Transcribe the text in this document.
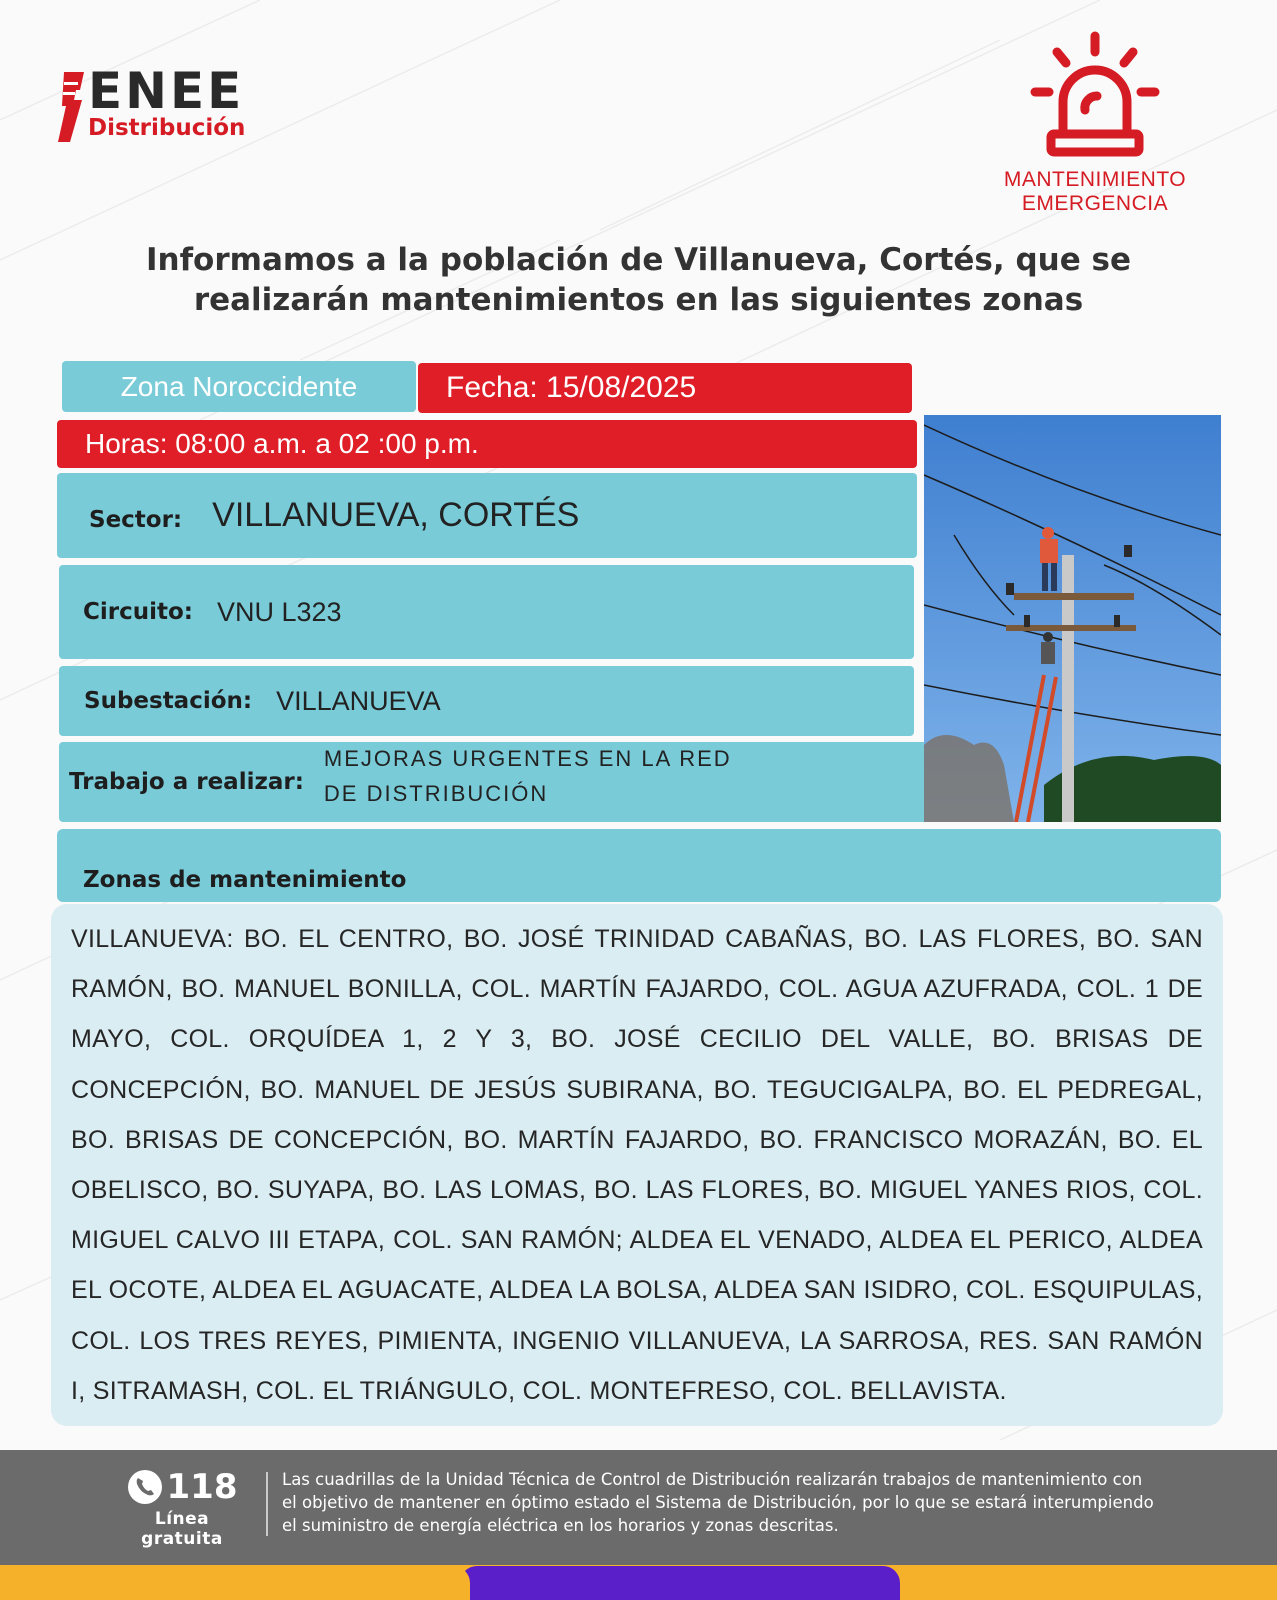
ENEE
Distribución
MANTENIMIENTO
EMERGENCIA
Informamos a la población de Villanueva, Cortés, que se
realizarán mantenimientos en las siguientes zonas
Zona Noroccidente	Fecha: 15/08/2025
Horas: 08:00 a.m. a 02 :00 p.m.
Sector: VILLANUEVA, CORTÉS
Circuito: VNU L323
Subestación: VILLANUEVA
Trabajo a realizar:
MEJORAS URGENTES EN LA RED
DE DISTRIBUCIÓN
Zonas de mantenimiento

VILLANUEVA: BO. EL CENTRO, BO. JOSÉ TRINIDAD CABAÑAS, BO. LAS FLORES, BO. SAN RAMÓN, BO. MANUEL BONILLA, COL. MARTÍN FAJARDO, COL. AGUA AZUFRADA, COL. 1 DE MAYO, COL. ORQUÍDEA 1, 2 Y 3, BO. JOSÉ CECILIO DEL VALLE, BO. BRISAS DE CONCEPCIÓN, BO. MANUEL DE JESÚS SUBIRANA, BO. TEGUCIGALPA, BO. EL PEDREGAL, BO. BRISAS DE CONCEPCIÓN, BO. MARTÍN FAJARDO, BO. FRANCISCO MORAZÁN, BO. EL OBELISCO, BO. SUYAPA, BO. LAS LOMAS, BO. LAS FLORES, BO. MIGUEL YANES RIOS, COL. MIGUEL CALVO III ETAPA, COL. SAN RAMÓN; ALDEA EL VENADO, ALDEA EL PERICO, ALDEA EL OCOTE, ALDEA EL AGUACATE, ALDEA LA BOLSA, ALDEA SAN ISIDRO, COL. ESQUIPULAS, COL. LOS TRES REYES, PIMIENTA, INGENIO VILLANUEVA, LA SARROSA, RES. SAN RAMÓN I, SITRAMASH, COL. EL TRIÁNGULO, COL. MONTEFRESO, COL. BELLAVISTA.

118
Línea gratuita
Las cuadrillas de la Unidad Técnica de Control de Distribución realizarán trabajos de mantenimiento con
el objetivo de mantener en óptimo estado el Sistema de Distribución, por lo que se estará interumpiendo
el suministro de energía eléctrica en los horarios y zonas descritas.
